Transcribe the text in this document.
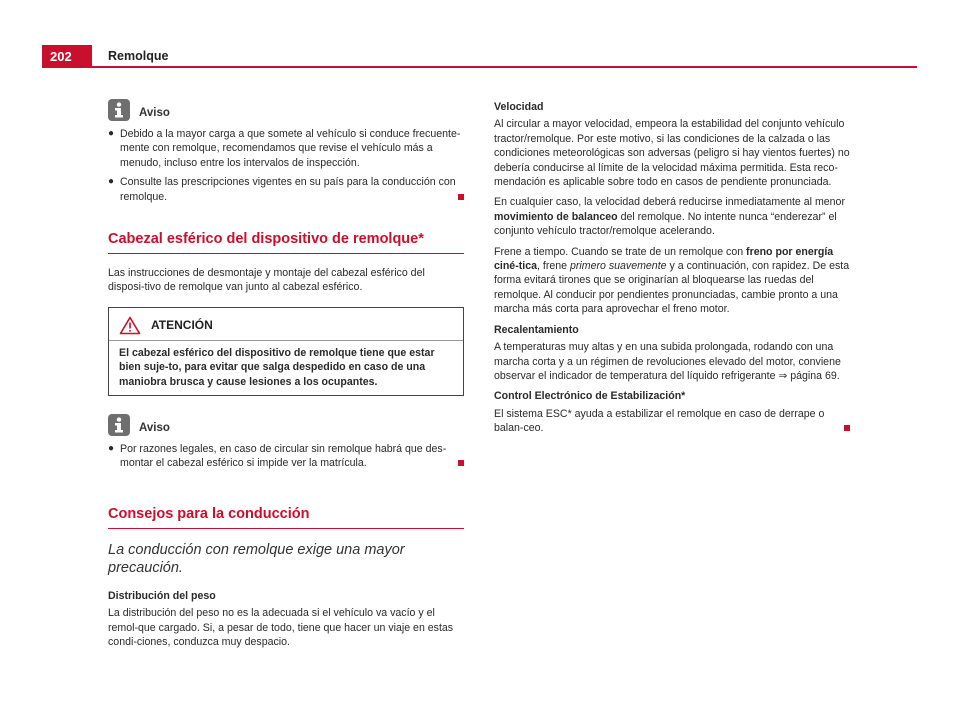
202	Remolque
Aviso
● Debido a la mayor carga a que somete al vehículo si conduce frecuente-mente con remolque, recomendamos que revise el vehículo más a menudo, incluso entre los intervalos de inspección.
● Consulte las prescripciones vigentes en su país para la conducción con remolque.
Cabezal esférico del dispositivo de remolque*

Las instrucciones de desmontaje y montaje del cabezal esférico del disposi-tivo de remolque van junto al cabezal esférico.

ATENCIÓN
El cabezal esférico del dispositivo de remolque tiene que estar bien suje-to, para evitar que salga despedido en caso de una maniobra brusca y cause lesiones a los ocupantes.
Aviso
● Por razones legales, en caso de circular sin remolque habrá que des-montar el cabezal esférico si impide ver la matrícula.
Consejos para la conducción
La conducción con remolque exige una mayor precaución.
Distribución del peso

La distribución del peso no es la adecuada si el vehículo va vacío y el remol-que cargado. Si, a pesar de todo, tiene que hacer un viaje en estas condi-ciones, conduzca muy despacio.

Velocidad

Al circular a mayor velocidad, empeora la estabilidad del conjunto vehículo tractor/remolque. Por este motivo, si las condiciones de la calzada o las condiciones meteorológicas son adversas (peligro si hay vientos fuertes) no debería conducirse al límite de la velocidad máxima permitida. Esta reco-mendación es aplicable sobre todo en casos de pendiente pronunciada.

En cualquier caso, la velocidad deberá reducirse inmediatamente al menor movimiento de balanceo del remolque. No intente nunca “enderezar” el conjunto vehículo tractor/remolque acelerando.

Frene a tiempo. Cuando se trate de un remolque con freno por energía ciné-tica, frene primero suavemente y a continuación, con rapidez. De esta forma evitará tirones que se originarían al bloquearse las ruedas del remolque. Al conducir por pendientes pronunciadas, cambie pronto a una marcha más corta para aprovechar el freno motor.

Recalentamiento

A temperaturas muy altas y en una subida prolongada, rodando con una marcha corta y a un régimen de revoluciones elevado del motor, conviene observar el indicador de temperatura del líquido refrigerante ⇒ página 69.

Control Electrónico de Estabilización*

El sistema ESC* ayuda a estabilizar el remolque en caso de derrape o balan-ceo.
